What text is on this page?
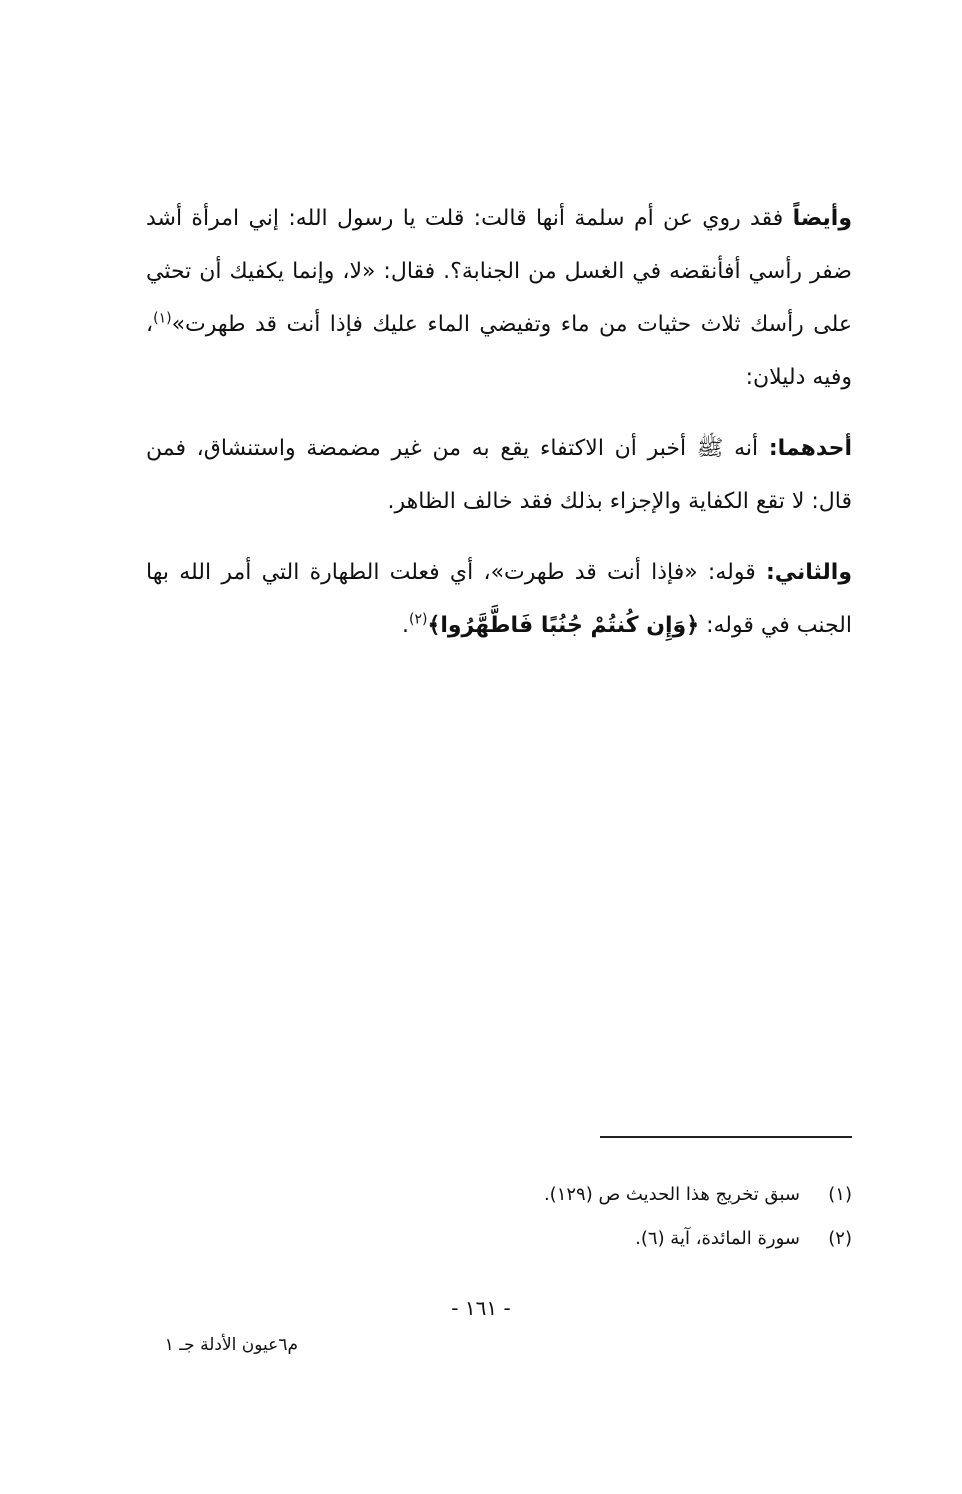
وأيضاً فقد روي عن أم سلمة أنها قالت: قلت يا رسول الله: إني امرأة أشد ضفر رأسي أفأنقضه في الغسل من الجنابة؟. فقال: «لا، وإنما يكفيك أن تحثي على رأسك ثلاث حثيات من ماء وتفيضي الماء عليك فإذا أنت قد طهرت»$^{(١)}$، وفيه دليلان:

أحدهما: أنه ﷺ أخبر أن الاكتفاء يقع به من غير مضمضة واستنشاق، فمن قال: لا تقع الكفاية والإجزاء بذلك فقد خالف الظاهر.

والثاني: قوله: «فإذا أنت قد طهرت»، أي فعلت الطهارة التي أمر الله بها الجنب في قوله: ﴿وَإِن كُنتُمْ جُنُبًا فَاطَّهَّرُوا﴾$^{(٢)}$.

(١)
سبق تخريج هذا الحديث ص (١٢٩).
(٢)
سورة المائدة، آية (٦).
- ١٦١ -
م٦عيون الأدلة جـ ١
